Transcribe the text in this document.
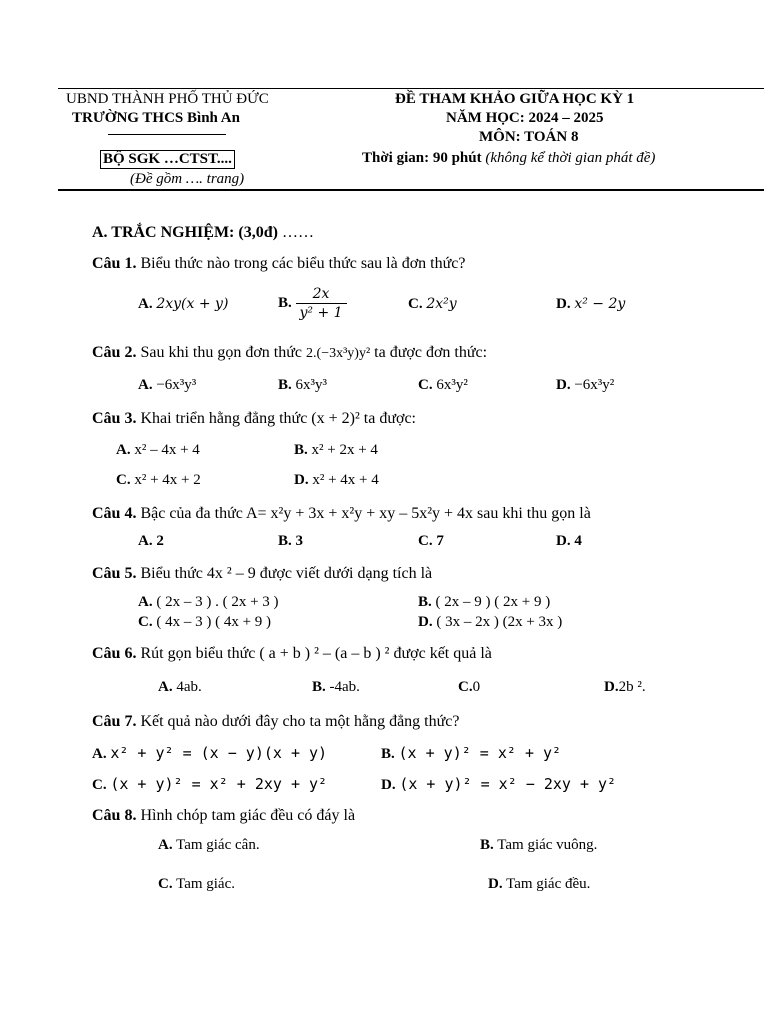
UBND THÀNH PHỐ THỦ ĐỨC
TRƯỜNG THCS Bình An
BỘ SGK …CTST....
(Đề gồm …. trang)
ĐỀ THAM KHẢO GIỮA HỌC KỲ 1
NĂM HỌC: 2024 – 2025
MÔN: TOÁN 8
Thời gian: 90 phút (không kể thời gian phát đề)
A. TRẮC NGHIỆM: (3,0đ) ……
Câu 1. Biểu thức nào trong các biểu thức sau là đơn thức?
A. 2xy(x + y)	B. $\frac{2x}{\text{y² + 1}}$	C. 2x²y	D. x² − 2y
Câu 2. Sau khi thu gọn đơn thức 2.(−3x³y)y² ta được đơn thức:
A. −6x³y³	B. 6x³y³	C. 6x³y²	D. −6x³y²
Câu 3. Khai triển hằng đẳng thức (x + 2)² ta được:
A. x² – 4x + 4	B. x² + 2x + 4
C. x² + 4x + 2	D. x² + 4x + 4
Câu 4. Bậc của đa thức A= x²y + 3x + x²y + xy – 5x²y + 4x sau khi thu gọn là
A. 2	B. 3	C. 7	D. 4
Câu 5. Biểu thức 4x ² – 9 được viết dưới dạng tích là
A. ( 2x – 3 ) . ( 2x + 3 )	B. ( 2x – 9 ) ( 2x + 9 )
C. ( 4x – 3 ) ( 4x + 9 )	D. ( 3x – 2x ) (2x + 3x )
Câu 6. Rút gọn biểu thức ( a + b ) ² – (a – b ) ² được kết quả là
A. 4ab.	B. -4ab.	C.0	D.2b ².
Câu 7. Kết quả nào dưới đây cho ta một hằng đẳng thức?
A. x² + y² = (x − y)(x + y)	B. (x + y)² = x² + y²
C. (x + y)² = x² + 2xy + y²	D. (x + y)² = x² − 2xy + y²
Câu 8. Hình chóp tam giác đều có đáy là
A. Tam giác cân.	B. Tam giác vuông.
C. Tam giác.	D. Tam giác đều.
